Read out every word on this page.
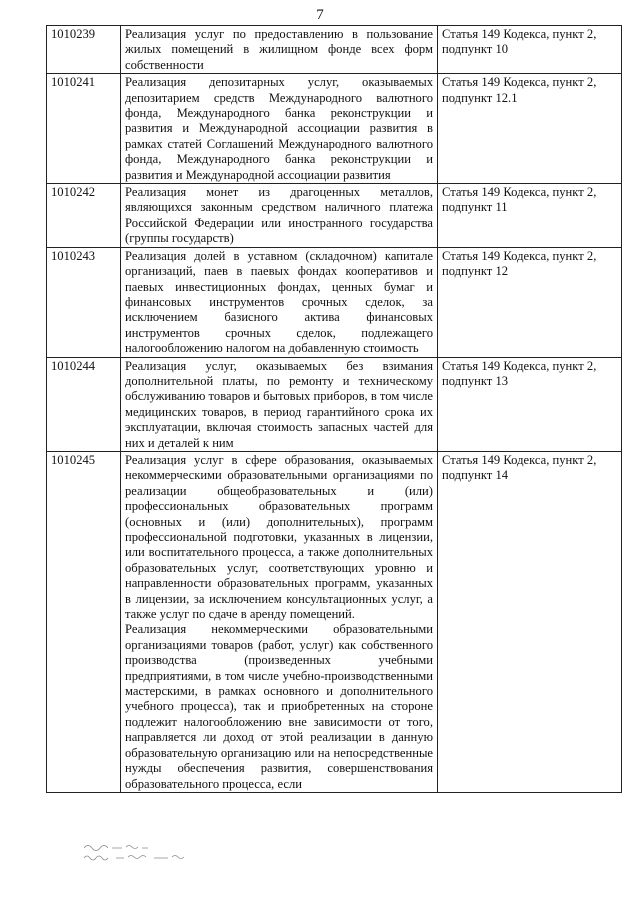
7
1010239	Реализация услуг по предоставлению в пользование жилых помещений в жилищном фонде всех форм собственности	Статья 149 Кодекса, пункт 2, подпункт 10
1010241	Реализация депозитарных услуг, оказываемых депозитарием средств Международного валютного фонда, Международного банка реконструкции и развития и Международной ассоциации развития в рамках статей Соглашений Международного валютного фонда, Международного банка реконструкции и развития и Международной ассоциации развития	Статья 149 Кодекса, пункт 2, подпункт 12.1
1010242	Реализация монет из драгоценных металлов, являющихся законным средством наличного платежа Российской Федерации или иностранного государства (группы государств)	Статья 149 Кодекса, пункт 2, подпункт 11
1010243	Реализация долей в уставном (складочном) капитале организаций, паев в паевых фондах кооперативов и паевых инвестиционных фондах, ценных бумаг и финансовых инструментов срочных сделок, за исключением базисного актива финансовых инструментов срочных сделок, подлежащего налогообложению налогом на добавленную стоимость	Статья 149 Кодекса, пункт 2, подпункт 12
1010244	Реализация услуг, оказываемых без взимания дополнительной платы, по ремонту и техническому обслуживанию товаров и бытовых приборов, в том числе медицинских товаров, в период гарантийного срока их эксплуатации, включая стоимость запасных частей для них и деталей к ним	Статья 149 Кодекса, пункт 2, подпункт 13
1010245	Реализация услуг в сфере образования, оказываемых некоммерческими образовательными организациями по реализации общеобразовательных и (или) профессиональных образовательных программ (основных и (или) дополнительных), программ профессиональной подготовки, указанных в лицензии, или воспитательного процесса, а также дополнительных образовательных услуг, соответствующих уровню и направленности образовательных программ, указанных в лицензии, за исключением консультационных услуг, а также услуг по сдаче в аренду помещений.

Реализация некоммерческими образовательными организациями товаров (работ, услуг) как собственного производства (произведенных учебными предприятиями, в том числе учебно-производственными мастерскими, в рамках основного и дополнительного учебного процесса), так и приобретенных на стороне подлежит налогообложению вне зависимости от того, направляется ли доход от этой реализации в данную образовательную организацию или на непосредственные нужды обеспечения развития, совершенствования образовательного процесса, если	Статья 149 Кодекса, пункт 2, подпункт 14
